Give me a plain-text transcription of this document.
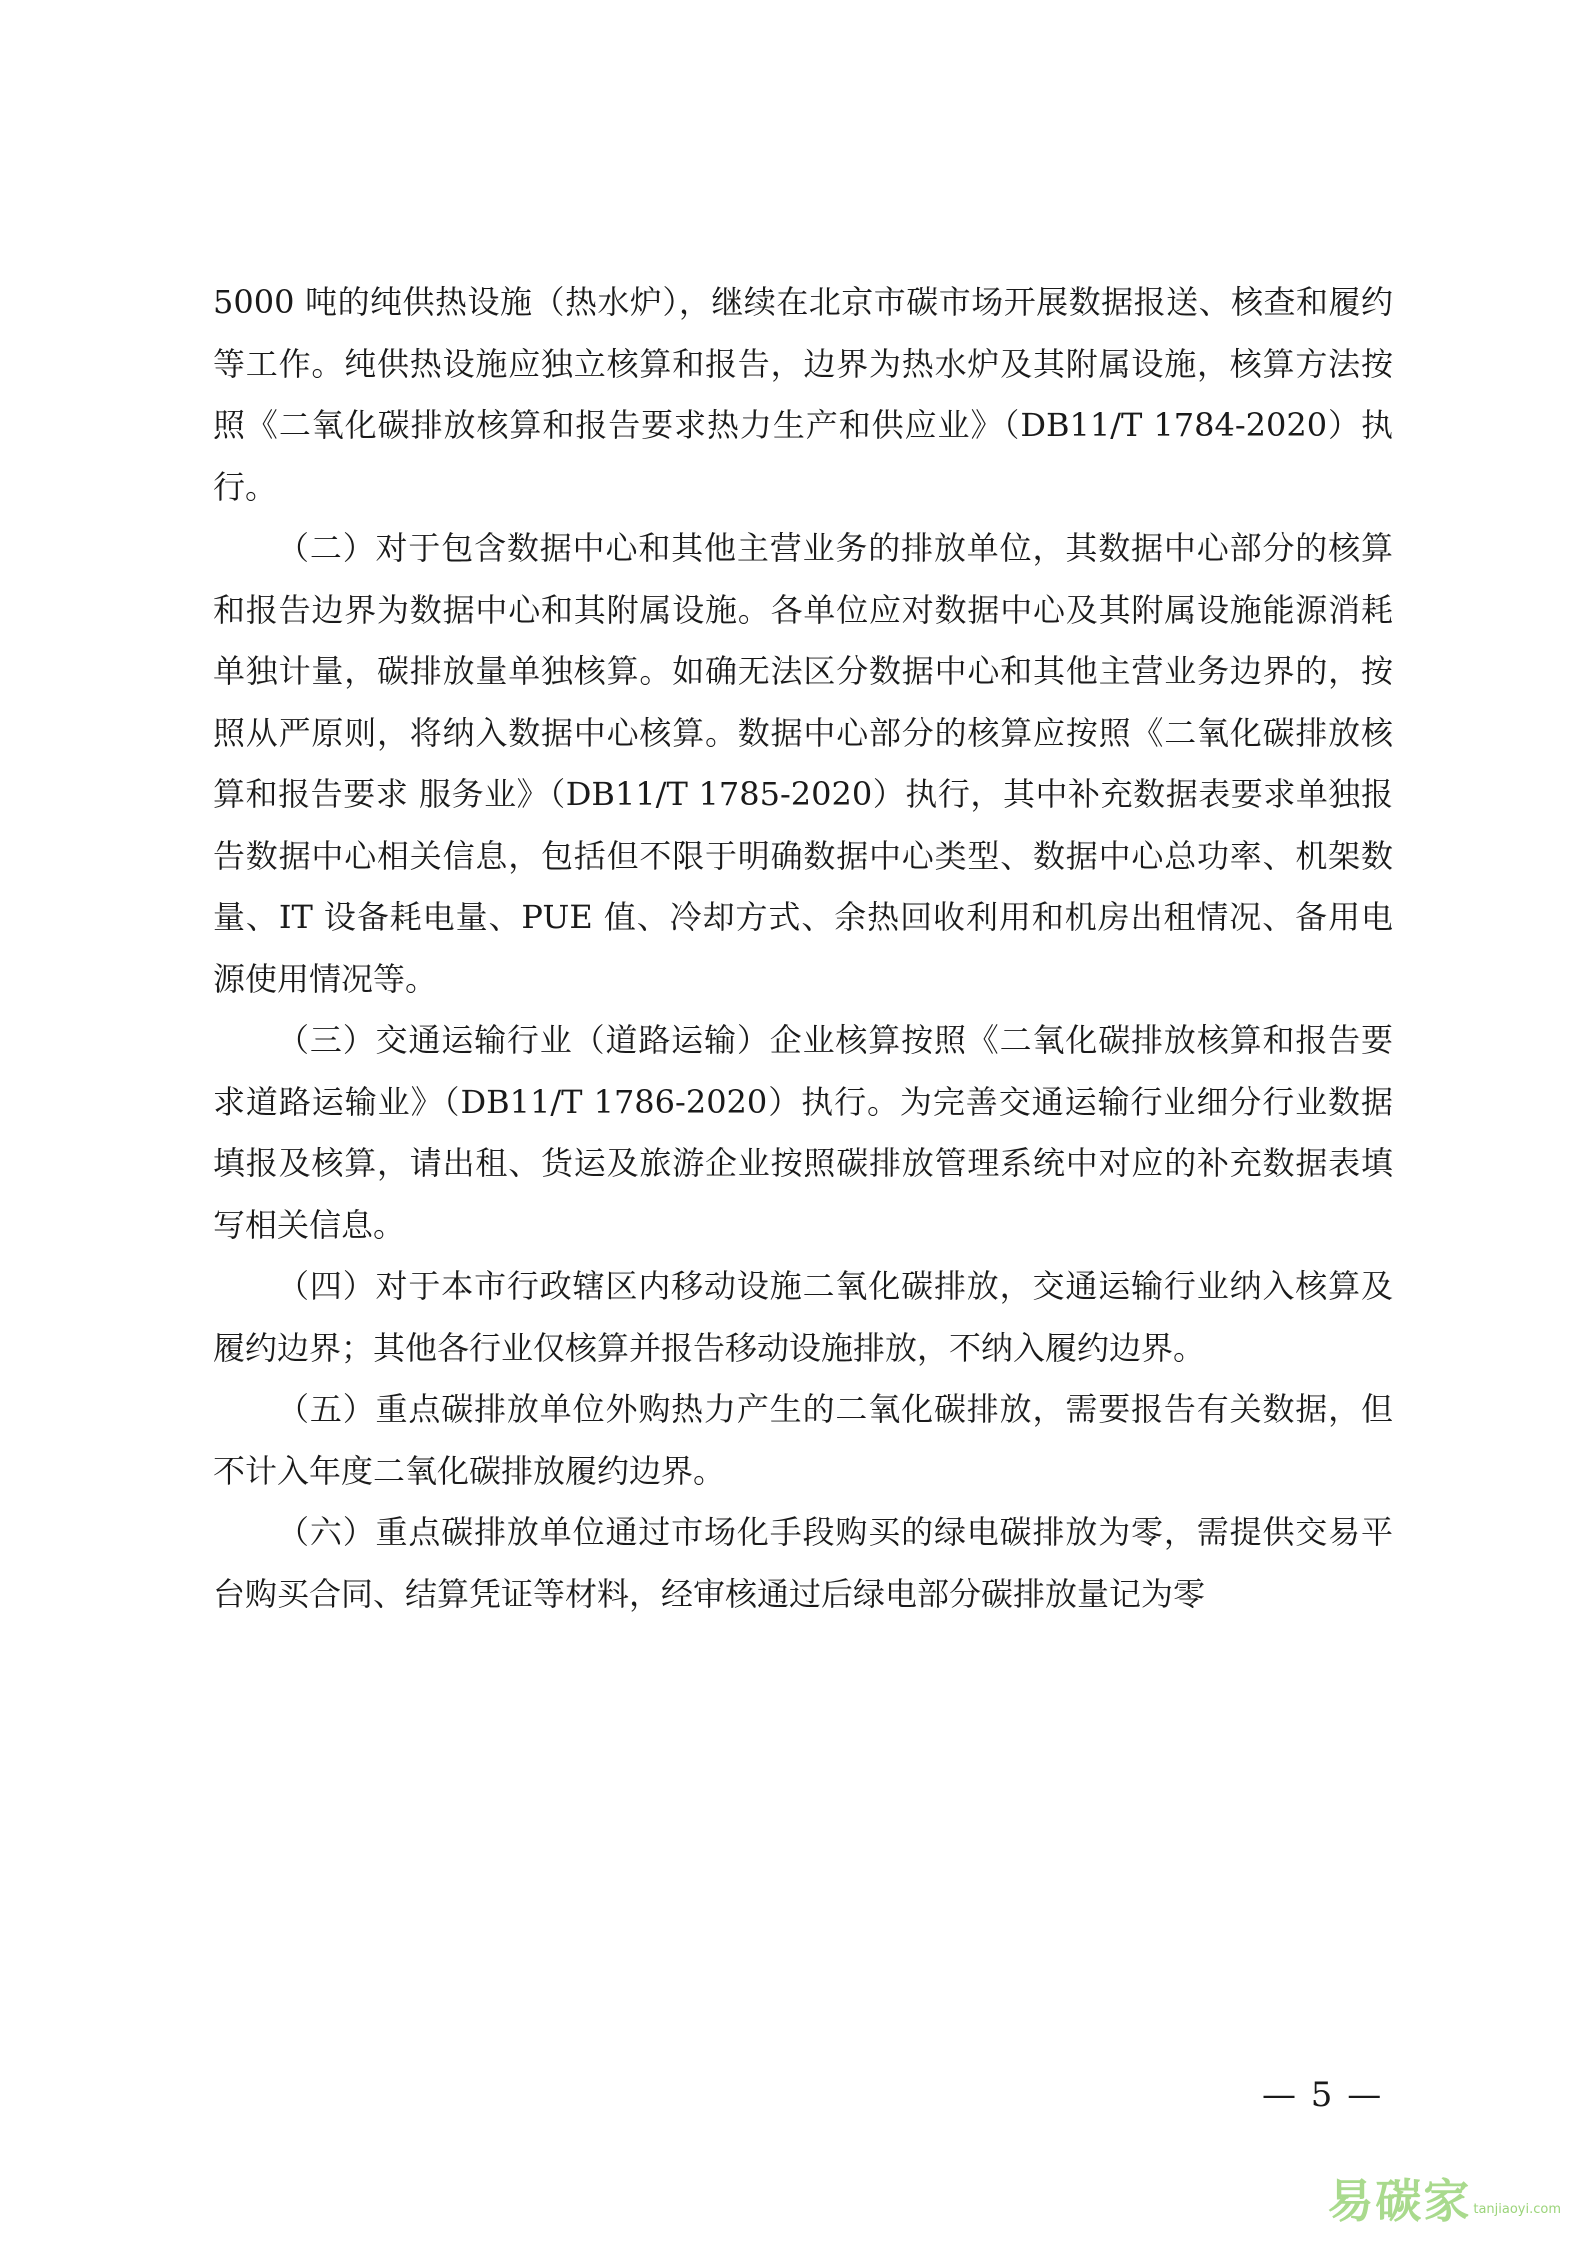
5000 吨的纯供热设施（热水炉），继续在北京市碳市场开展数据报送、核查和履约等工作。纯供热设施应独立核算和报告，边界为热水炉及其附属设施，核算方法按照《二氧化碳排放核算和报告要求热力生产和供应业》（DB11/T 1784-2020）执行。

（二）对于包含数据中心和其他主营业务的排放单位，其数据中心部分的核算和报告边界为数据中心和其附属设施。各单位应对数据中心及其附属设施能源消耗单独计量，碳排放量单独核算。如确无法区分数据中心和其他主营业务边界的，按照从严原则，将纳入数据中心核算。数据中心部分的核算应按照《二氧化碳排放核算和报告要求 服务业》（DB11/T 1785-2020）执行，其中补充数据表要求单独报告数据中心相关信息，包括但不限于明确数据中心类型、数据中心总功率、机架数量、IT 设备耗电量、PUE 值、冷却方式、余热回收利用和机房出租情况、备用电源使用情况等。

（三）交通运输行业（道路运输）企业核算按照《二氧化碳排放核算和报告要求道路运输业》（DB11/T 1786-2020）执行。为完善交通运输行业细分行业数据填报及核算，请出租、货运及旅游企业按照碳排放管理系统中对应的补充数据表填写相关信息。

（四）对于本市行政辖区内移动设施二氧化碳排放，交通运输行业纳入核算及履约边界；其他各行业仅核算并报告移动设施排放，不纳入履约边界。

（五）重点碳排放单位外购热力产生的二氧化碳排放，需要报告有关数据，但不计入年度二氧化碳排放履约边界。

（六）重点碳排放单位通过市场化手段购买的绿电碳排放为零，需提供交易平台购买合同、结算凭证等材料，经审核通过后绿电部分碳排放量记为零

— 5 —
易碳家 tanjiaoyi.com
